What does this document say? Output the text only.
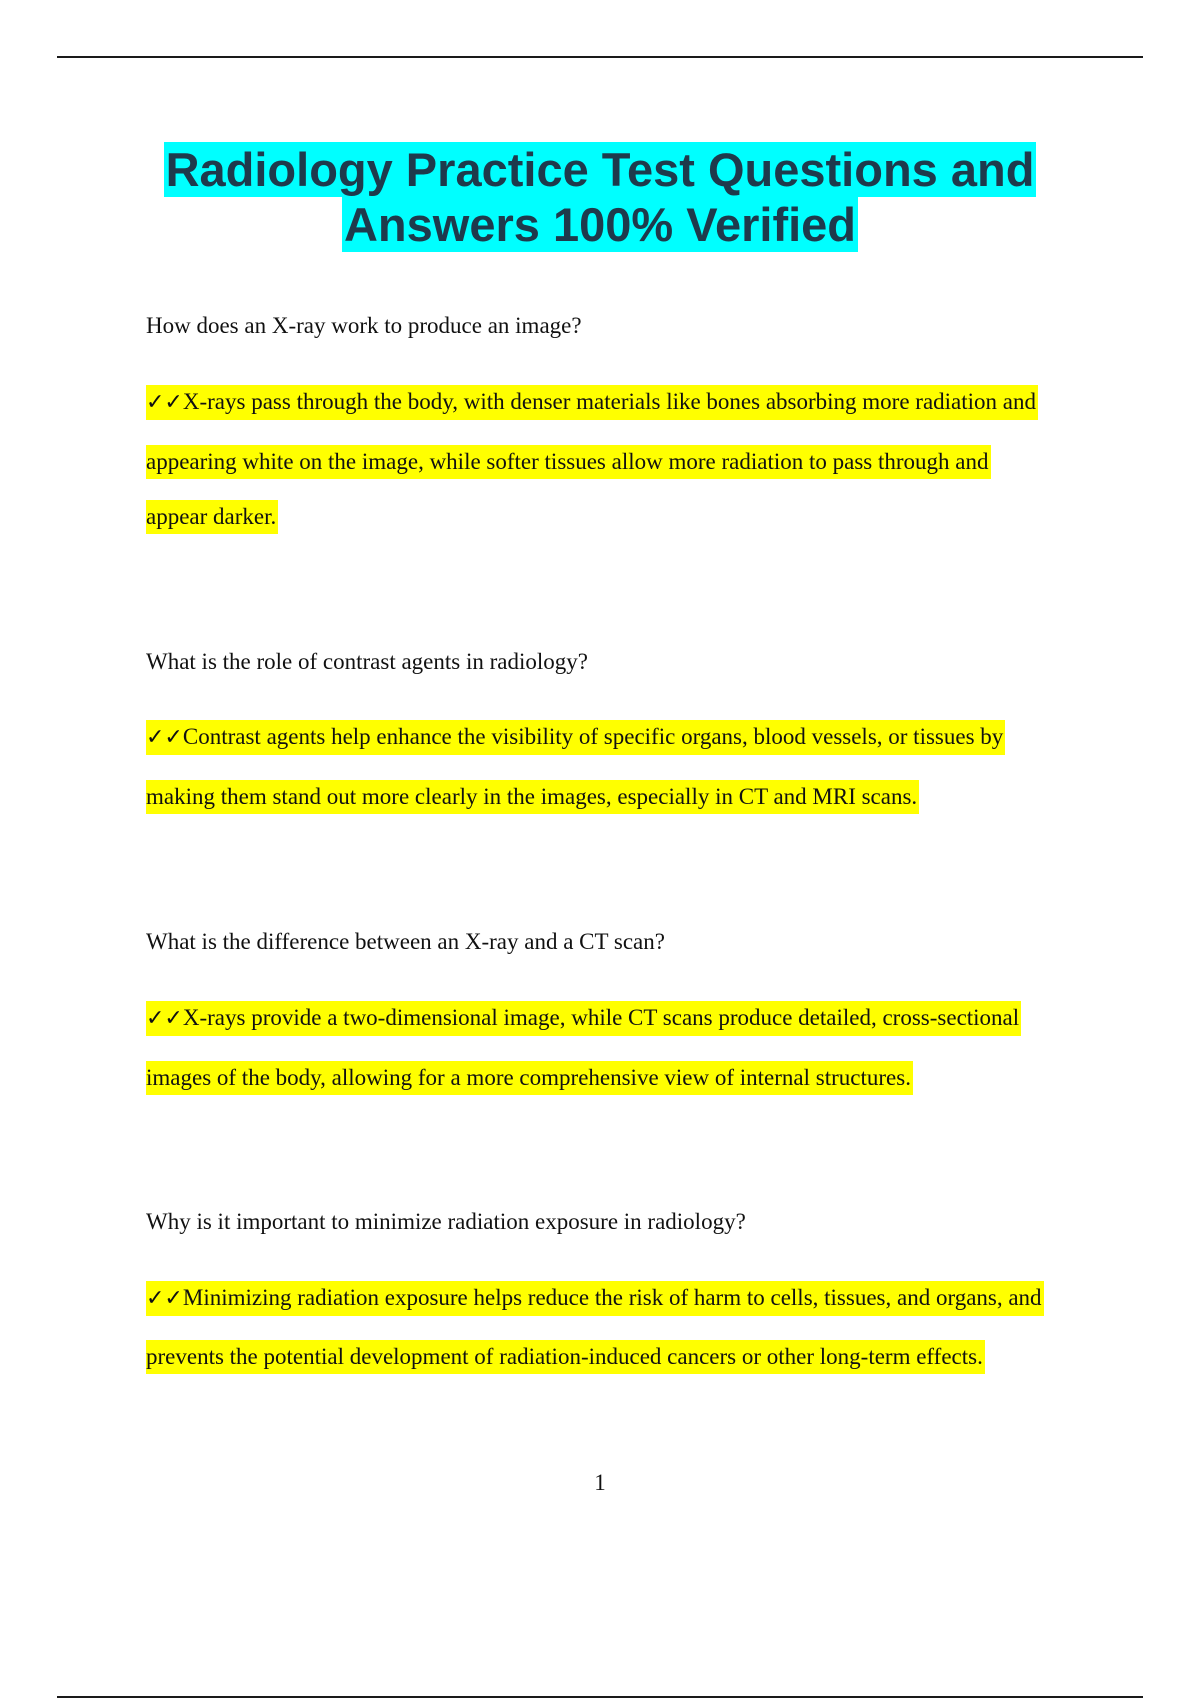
Radiology Practice Test Questions and
Answers 100% Verified

How does an X-ray work to produce an image?

✓✓X-rays pass through the body, with denser materials like bones absorbing more radiation and
appearing white on the image, while softer tissues allow more radiation to pass through and
appear darker.

What is the role of contrast agents in radiology?

✓✓Contrast agents help enhance the visibility of specific organs, blood vessels, or tissues by
making them stand out more clearly in the images, especially in CT and MRI scans.

What is the difference between an X-ray and a CT scan?

✓✓X-rays provide a two-dimensional image, while CT scans produce detailed, cross-sectional
images of the body, allowing for a more comprehensive view of internal structures.

Why is it important to minimize radiation exposure in radiology?

✓✓Minimizing radiation exposure helps reduce the risk of harm to cells, tissues, and organs, and
prevents the potential development of radiation-induced cancers or other long-term effects.

1
